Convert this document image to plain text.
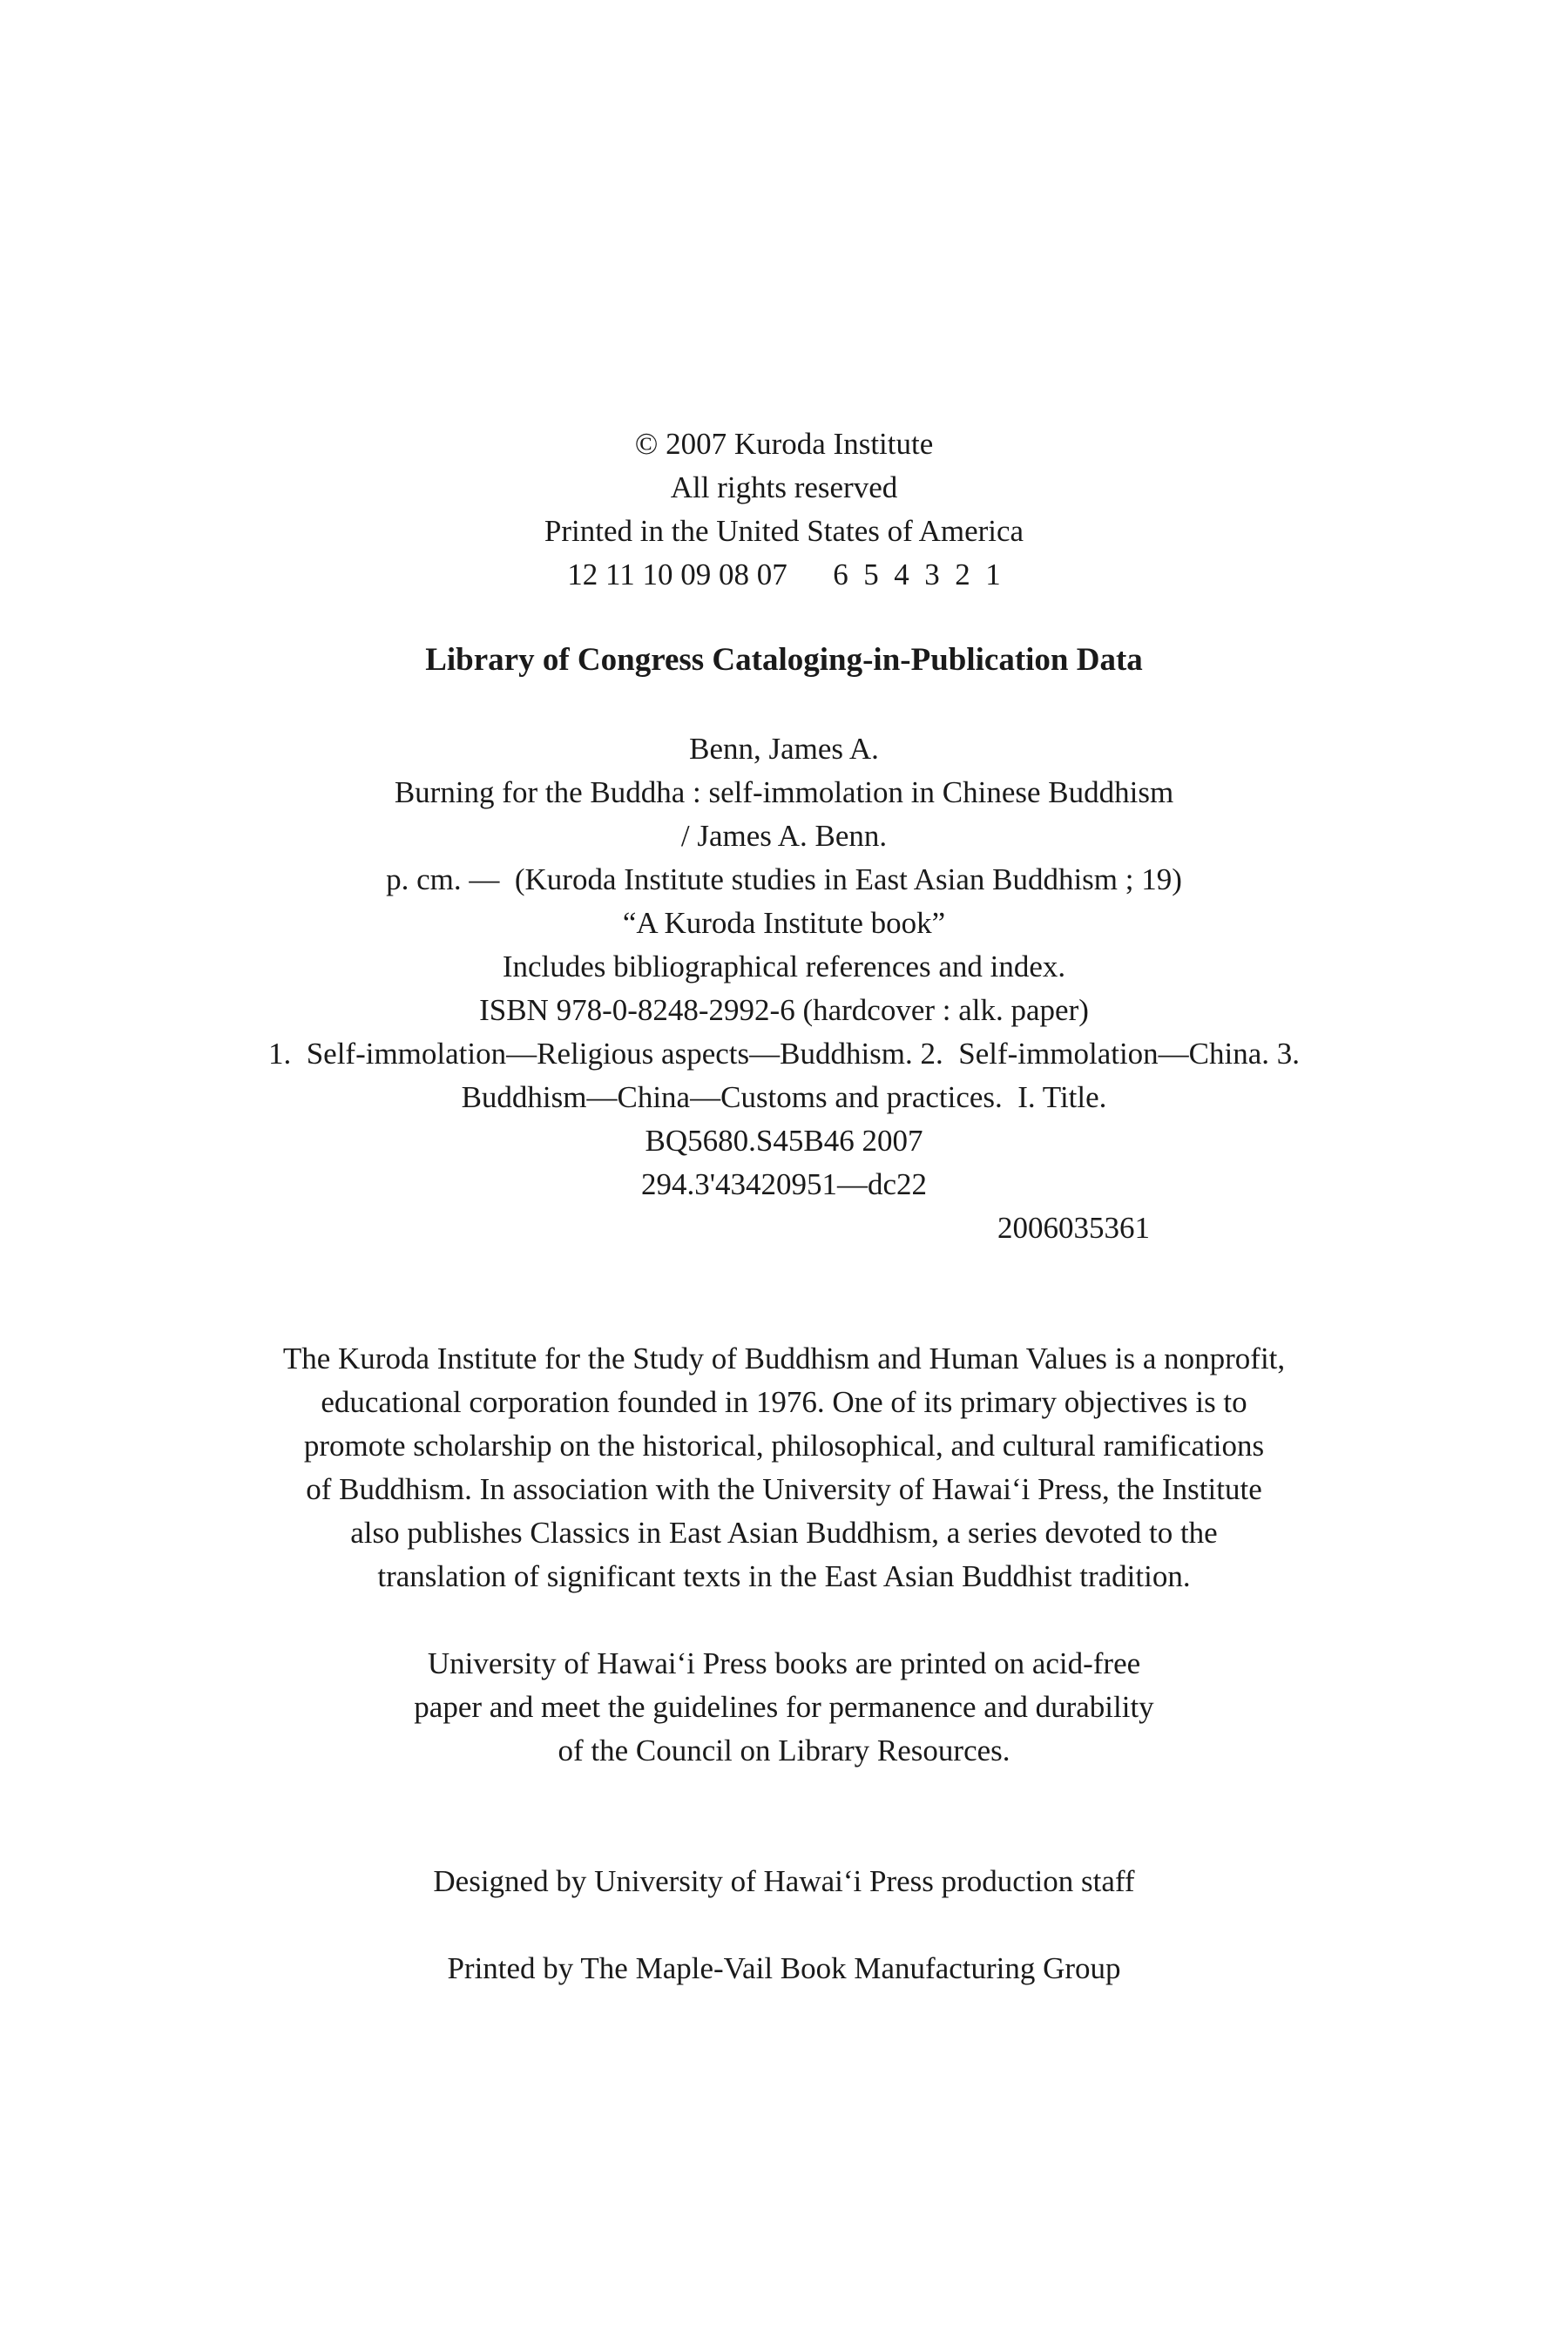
© 2007 Kuroda Institute
All rights reserved
Printed in the United States of America
12 11 10 09 08 07      6  5  4  3  2  1
Library of Congress Cataloging-in-Publication Data
Benn, James A.
Burning for the Buddha : self-immolation in Chinese Buddhism
/ James A. Benn.
p. cm. —  (Kuroda Institute studies in East Asian Buddhism ; 19)
“A Kuroda Institute book”
Includes bibliographical references and index.
ISBN 978-0-8248-2992-6 (hardcover : alk. paper)
1.  Self-immolation—Religious aspects—Buddhism. 2.  Self-immolation—China. 3.
Buddhism—China—Customs and practices.  I. Title.
BQ5680.S45B46 2007
294.3'43420951—dc22
2006035361
The Kuroda Institute for the Study of Buddhism and Human Values is a nonprofit,
educational corporation founded in 1976. One of its primary objectives is to
promote scholarship on the historical, philosophical, and cultural ramifications
of Buddhism. In association with the University of Hawai‘i Press, the Institute
also publishes Classics in East Asian Buddhism, a series devoted to the
translation of significant texts in the East Asian Buddhist tradition.
University of Hawai‘i Press books are printed on acid-free
paper and meet the guidelines for permanence and durability
of the Council on Library Resources.
Designed by University of Hawai‘i Press production staff
Printed by The Maple-Vail Book Manufacturing Group
